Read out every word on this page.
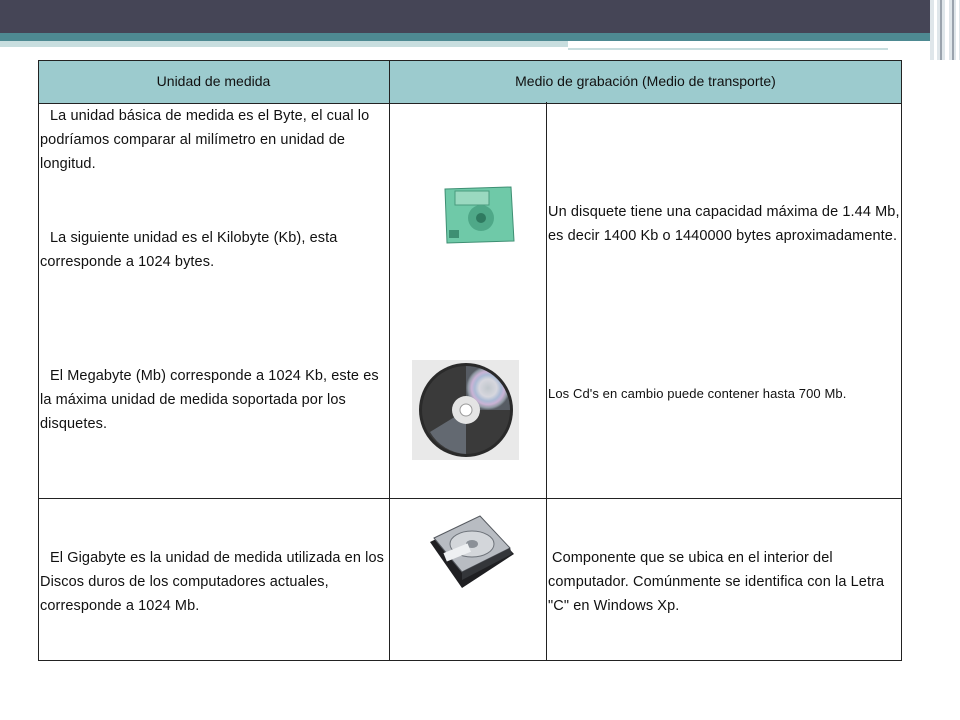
Unidad de medida	Medio de grabación (Medio de transporte)
La unidad básica de medida es el Byte, el cual lo podríamos comparar al milímetro en unidad de longitud.
La siguiente unidad es el Kilobyte (Kb), esta corresponde a 1024 bytes.
El Megabyte (Mb) corresponde a 1024 Kb, este es la máxima unidad de medida soportada por los disquetes.
Un disquete tiene una capacidad máxima de 1.44 Mb, es decir 1400 Kb o 1440000 bytes aproximadamente.
Los Cd's en cambio puede contener hasta 700 Mb.
El Gigabyte es la unidad de medida utilizada en los Discos duros de los computadores actuales, corresponde a 1024 Mb.
Componente que se ubica en el interior del computador. Comúnmente se identifica con la Letra "C" en Windows Xp.
